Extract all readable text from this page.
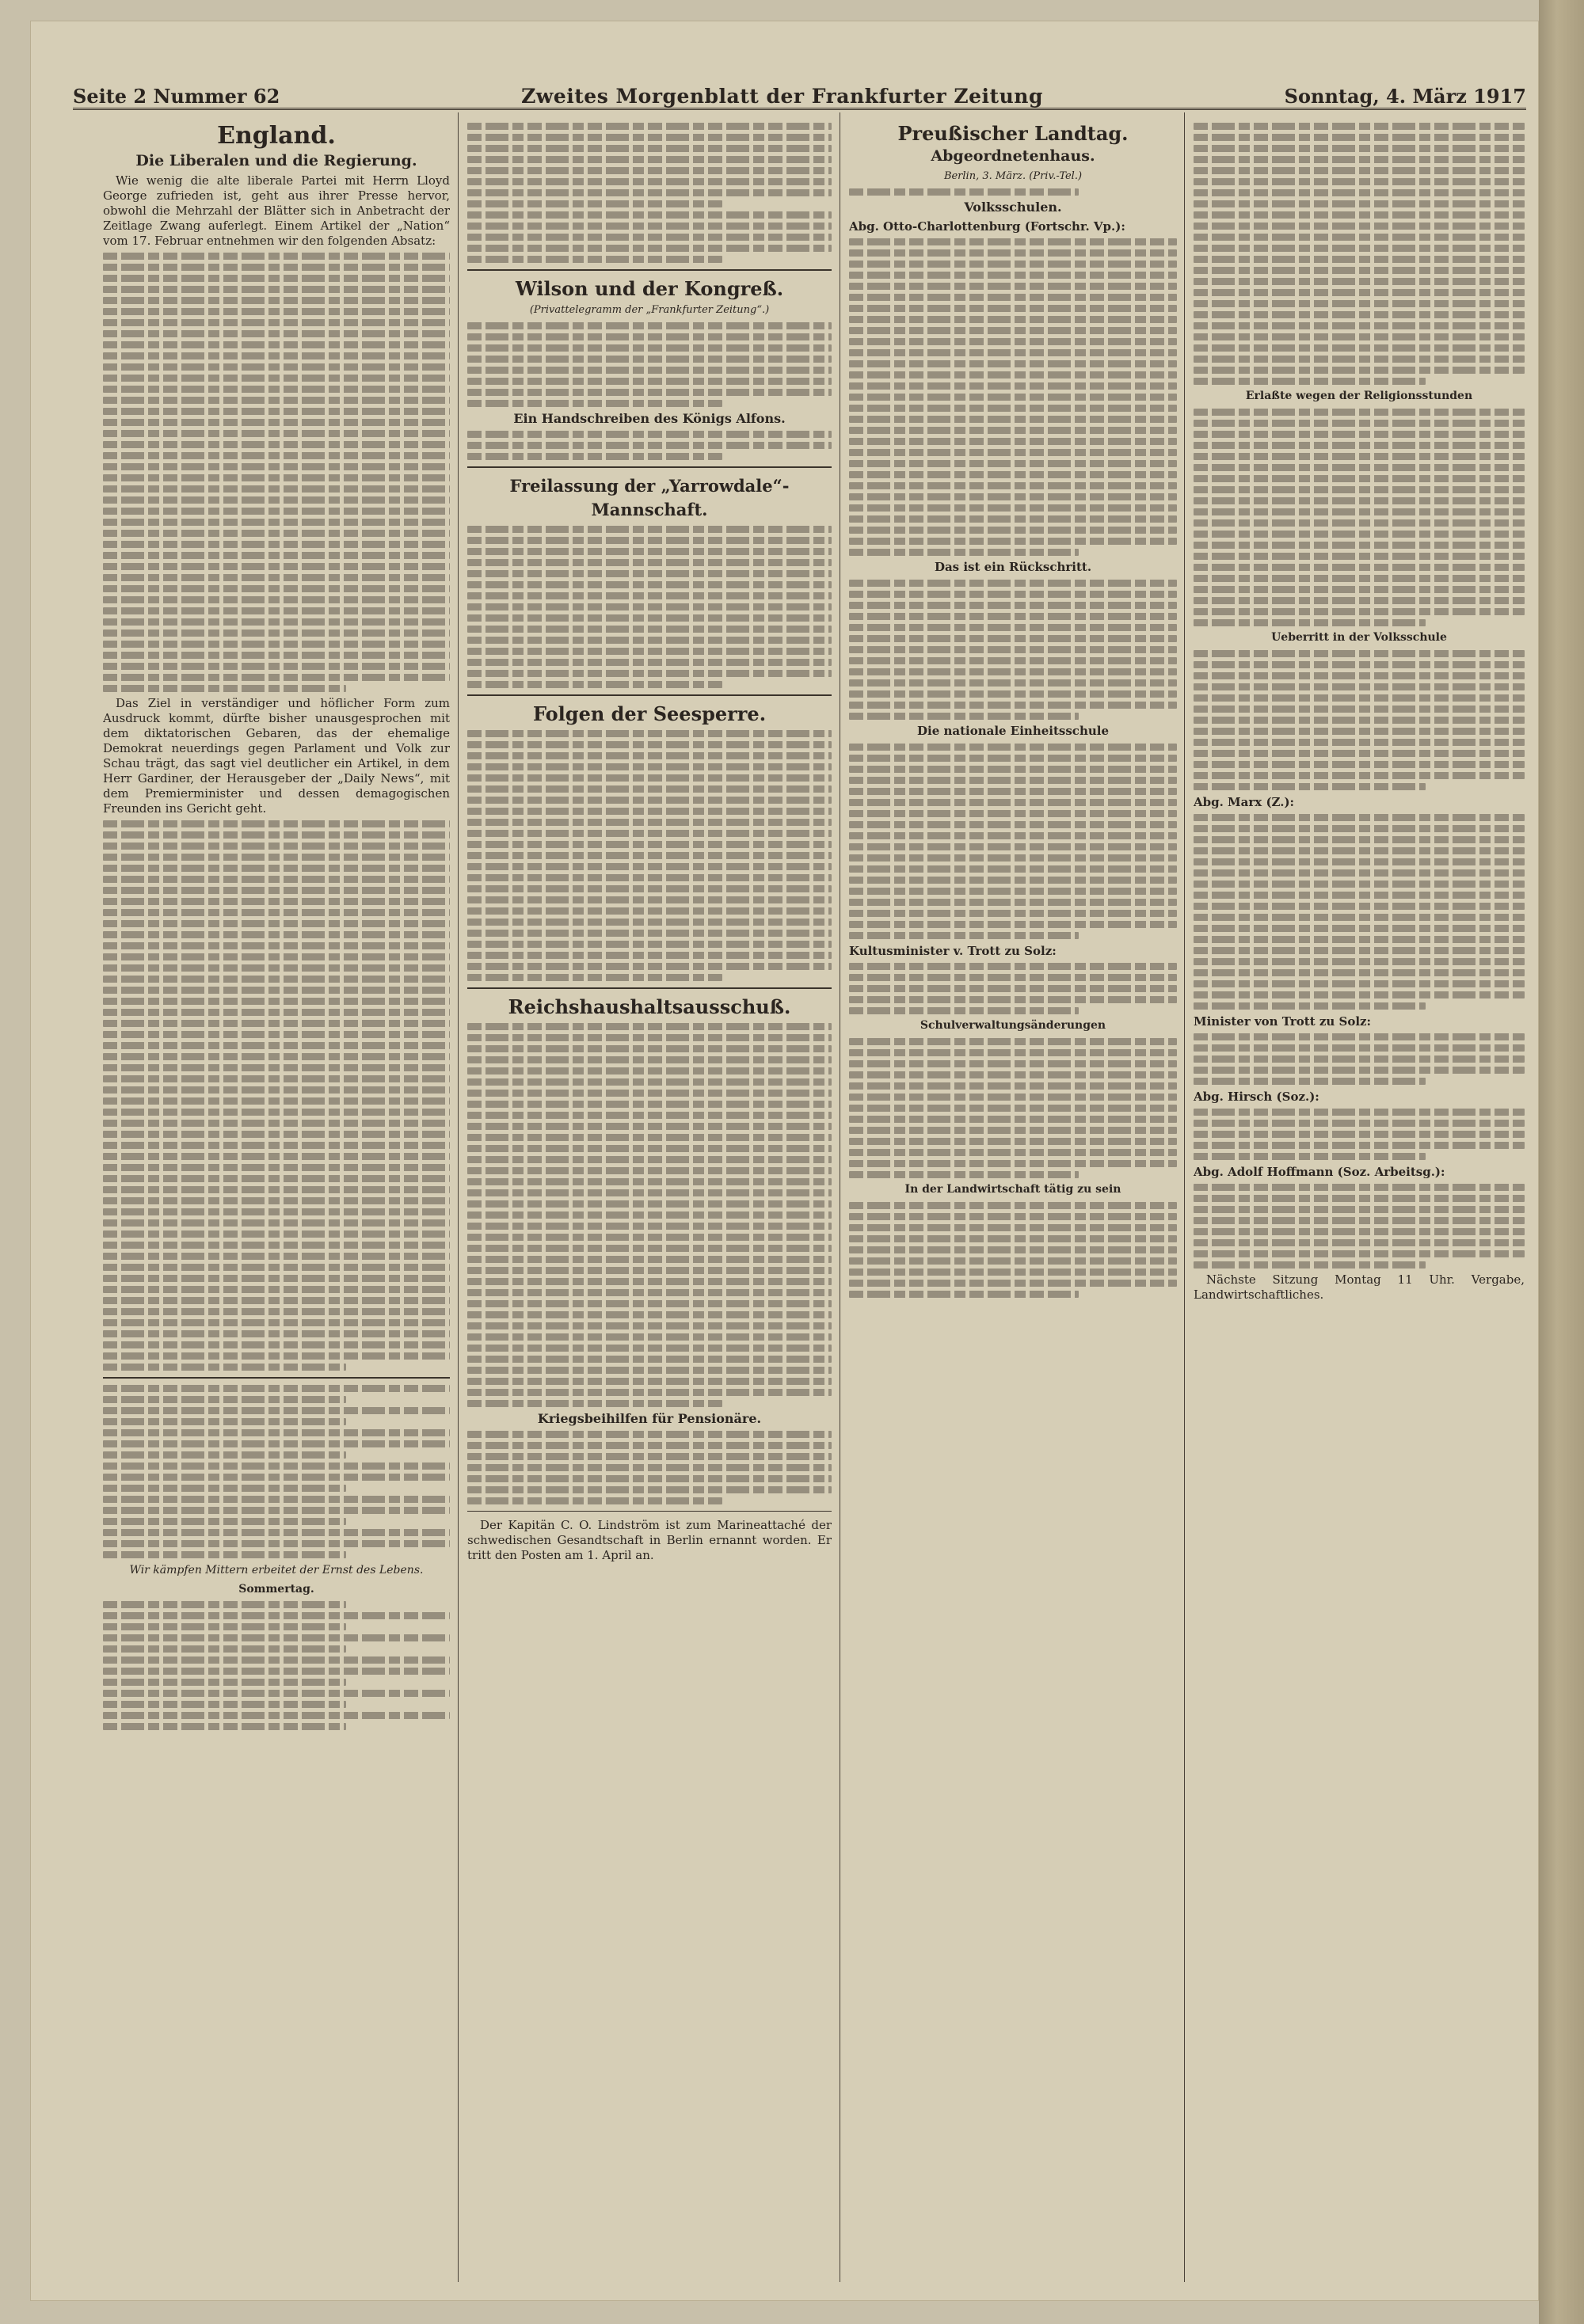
Seite 2 Nummer 62	Zweites Morgenblatt der Frankfurter Zeitung	Sonntag, 4. März 1917
England.
Die Liberalen und die Regierung.

Wie wenig die alte liberale Partei mit Herrn Lloyd George zufrieden ist, geht aus ihrer Presse hervor, obwohl die Mehrzahl der Blätter sich in Anbetracht der Zeitlage Zwang auferlegt. Einem Artikel der „Nation“ vom 17. Februar entnehmen wir den folgenden Absatz:

Das Ziel in verständiger und höflicher Form zum Ausdruck kommt, dürfte bisher unausgesprochen mit dem diktatorischen Gebaren, das der ehemalige Demokrat neuerdings gegen Parlament und Volk zur Schau trägt, das sagt viel deutlicher ein Artikel, in dem Herr Gardiner, der Herausgeber der „Daily News“, mit dem Premierminister und dessen demagogischen Freunden ins Gericht geht.

Wir kämpfen Mittern erbeitet der Ernst des Lebens.

Sommertag.
Wilson und der Kongreß.
(Privattelegramm der „Frankfurter Zeitung“.)
Ein Handschreiben des Königs Alfons.
Freilassung der „Yarrowdale“-Mannschaft.
Folgen der Seesperre.
Reichshaushaltsausschuß.
Kriegsbeihilfen für Pensionäre.

Der Kapitän C. O. Lindström ist zum Marineattaché der schwedischen Gesandtschaft in Berlin ernannt worden. Er tritt den Posten am 1. April an.

Preußischer Landtag.
Abgeordnetenhaus.
Berlin, 3. März. (Priv.-Tel.)
Volksschulen.
Abg. Otto-Charlottenburg (Fortschr. Vp.):
Das ist ein Rückschritt.
Die nationale Einheitsschule
Kultusminister v. Trott zu Solz:
Schulverwaltungsänderungen
In der Landwirtschaft tätig zu sein
Erlaßte wegen der Religionsstunden
Ueberritt in der Volksschule
Abg. Marx (Z.):
Minister von Trott zu Solz:
Abg. Hirsch (Soz.):
Abg. Adolf Hoffmann (Soz. Arbeitsg.):

Nächste Sitzung Montag 11 Uhr. Vergabe, Landwirtschaftliches.
